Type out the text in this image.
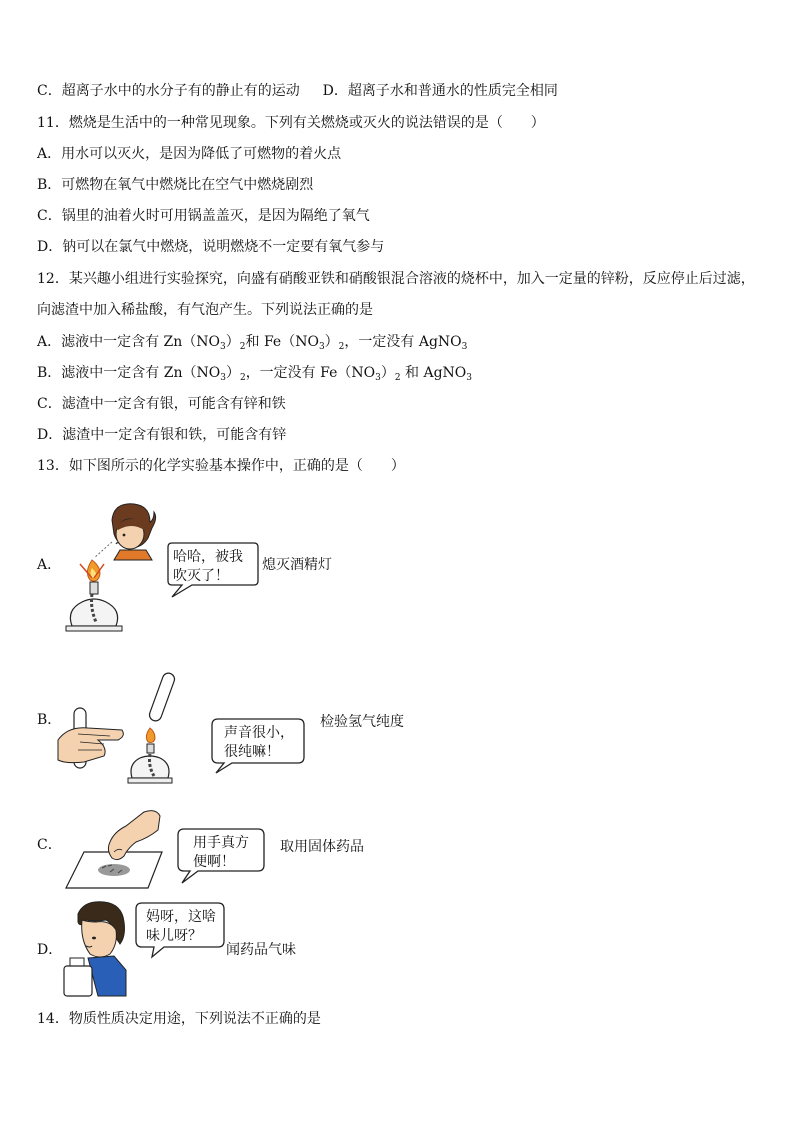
C．超离子水中的水分子有的静止有的运动 D．超离子水和普通水的性质完全相同
11．燃烧是生活中的一种常见现象。下列有关燃烧或灭火的说法错误的是（　　）
A．用水可以灭火，是因为降低了可燃物的着火点
B．可燃物在氧气中燃烧比在空气中燃烧剧烈
C．锅里的油着火时可用锅盖盖灭，是因为隔绝了氧气
D．钠可以在氯气中燃烧，说明燃烧不一定要有氧气参与
12．某兴趣小组进行实验探究，向盛有硝酸亚铁和硝酸银混合溶液的烧杯中，加入一定量的锌粉，反应停止后过滤，
向滤渣中加入稀盐酸，有气泡产生。下列说法正确的是
A．滤液中一定含有 $Zn(NO_3)_2$和 $Fe(NO_3)_2$，一定没有 AgNO$_3$
B．滤液中一定含有 $Zn(NO_3)_2$，一定没有 $Fe(NO_3)_2$ 和 AgNO$_3$
C．滤渣中一定含有银，可能含有锌和铁
D．滤渣中一定含有银和铁，可能含有锌
13．如下图所示的化学实验基本操作中，正确的是（　　）
A．	哈哈，被我
吹灭了！
熄灭酒精灯
B．
声音很小，
很纯嘛！
检验氢气纯度
C．	用手真方
便啊！
取用固体药品
D．
妈呀，这啥
味儿呀？
闻药品气味
14．物质性质决定用途，下列说法不正确的是
